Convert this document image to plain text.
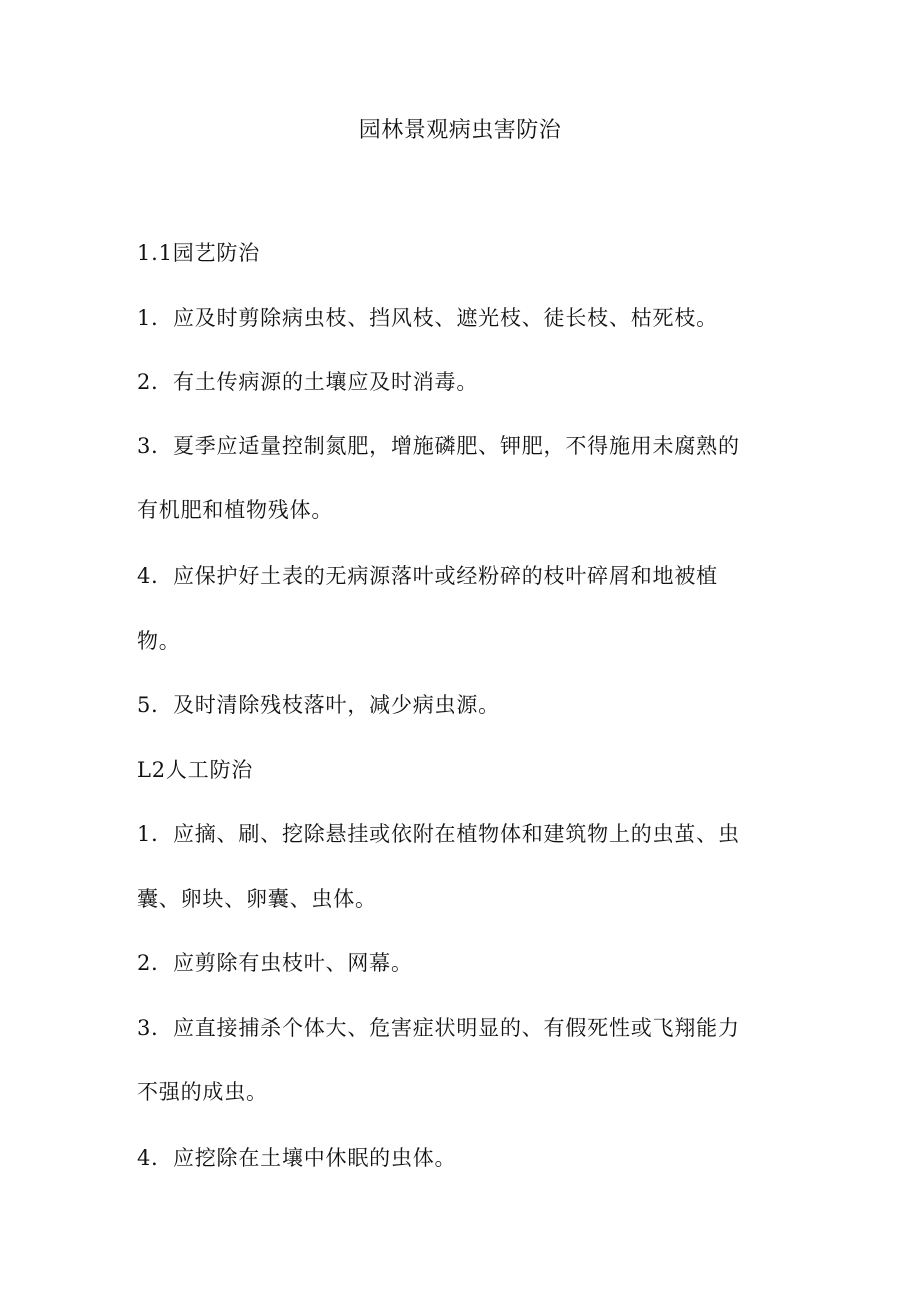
园林景观病虫害防治
1.1园艺防治
1．应及时剪除病虫枝、挡风枝、遮光枝、徒长枝、枯死枝。
2．有土传病源的土壤应及时消毒。
3．夏季应适量控制氮肥，增施磷肥、钾肥，不得施用未腐熟的
有机肥和植物残体。
4．应保护好土表的无病源落叶或经粉碎的枝叶碎屑和地被植
物。
5．及时清除残枝落叶，减少病虫源。
L2人工防治
1．应摘、刷、挖除悬挂或依附在植物体和建筑物上的虫茧、虫
囊、卵块、卵囊、虫体。
2．应剪除有虫枝叶、网幕。
3．应直接捕杀个体大、危害症状明显的、有假死性或飞翔能力
不强的成虫。
4．应挖除在土壤中休眠的虫体。
